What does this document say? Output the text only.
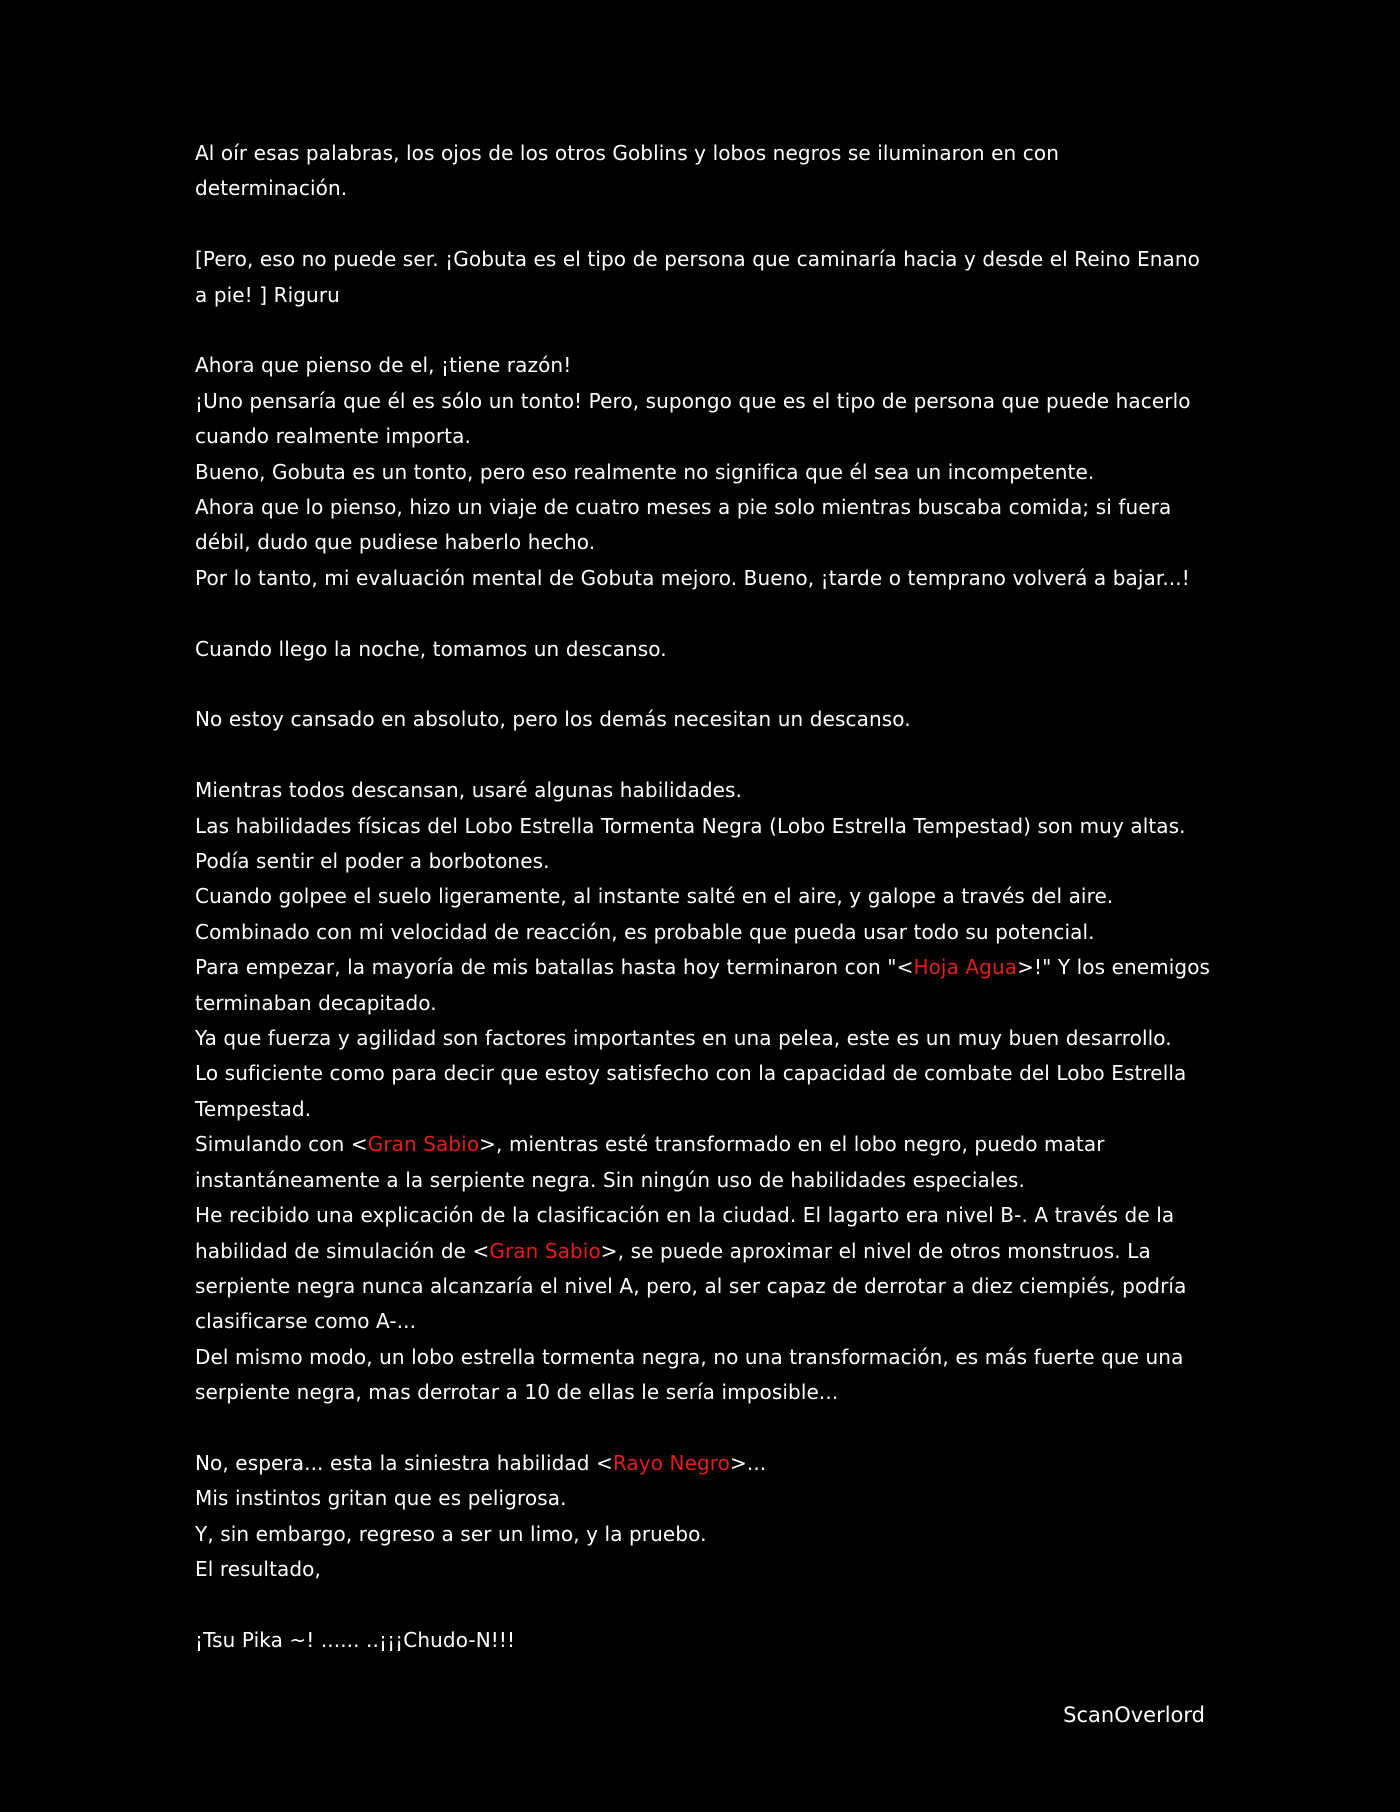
Al oír esas palabras, los ojos de los otros Goblins y lobos negros se iluminaron en con
determinación.
[Pero, eso no puede ser. ¡Gobuta es el tipo de persona que caminaría hacia y desde el Reino Enano
a pie! ] Riguru
Ahora que pienso de el, ¡tiene razón!
¡Uno pensaría que él es sólo un tonto! Pero, supongo que es el tipo de persona que puede hacerlo
cuando realmente importa.
Bueno, Gobuta es un tonto, pero eso realmente no significa que él sea un incompetente.
Ahora que lo pienso, hizo un viaje de cuatro meses a pie solo mientras buscaba comida; si fuera
débil, dudo que pudiese haberlo hecho.
Por lo tanto, mi evaluación mental de Gobuta mejoro. Bueno, ¡tarde o temprano volverá a bajar...!
Cuando llego la noche, tomamos un descanso.
No estoy cansado en absoluto, pero los demás necesitan un descanso.
Mientras todos descansan, usaré algunas habilidades.
Las habilidades físicas del Lobo Estrella Tormenta Negra (Lobo Estrella Tempestad) son muy altas.
Podía sentir el poder a borbotones.
Cuando golpee el suelo ligeramente, al instante salté en el aire, y galope a través del aire.
Combinado con mi velocidad de reacción, es probable que pueda usar todo su potencial.
Para empezar, la mayoría de mis batallas hasta hoy terminaron con "<Hoja Agua>!" Y los enemigos
terminaban decapitado.
Ya que fuerza y agilidad son factores importantes en una pelea, este es un muy buen desarrollo.
Lo suficiente como para decir que estoy satisfecho con la capacidad de combate del Lobo Estrella
Tempestad.
Simulando con <Gran Sabio>, mientras esté transformado en el lobo negro, puedo matar
instantáneamente a la serpiente negra. Sin ningún uso de habilidades especiales.
He recibido una explicación de la clasificación en la ciudad. El lagarto era nivel B-. A través de la
habilidad de simulación de <Gran Sabio>, se puede aproximar el nivel de otros monstruos. La
serpiente negra nunca alcanzaría el nivel A, pero, al ser capaz de derrotar a diez ciempiés, podría
clasificarse como A-...
Del mismo modo, un lobo estrella tormenta negra, no una transformación, es más fuerte que una
serpiente negra, mas derrotar a 10 de ellas le sería imposible...
No, espera... esta la siniestra habilidad <Rayo Negro>...
Mis instintos gritan que es peligrosa.
Y, sin embargo, regreso a ser un limo, y la pruebo.
El resultado,
¡Tsu Pika ~! ...... ..¡¡¡Chudo-N!!!
ScanOverlord
